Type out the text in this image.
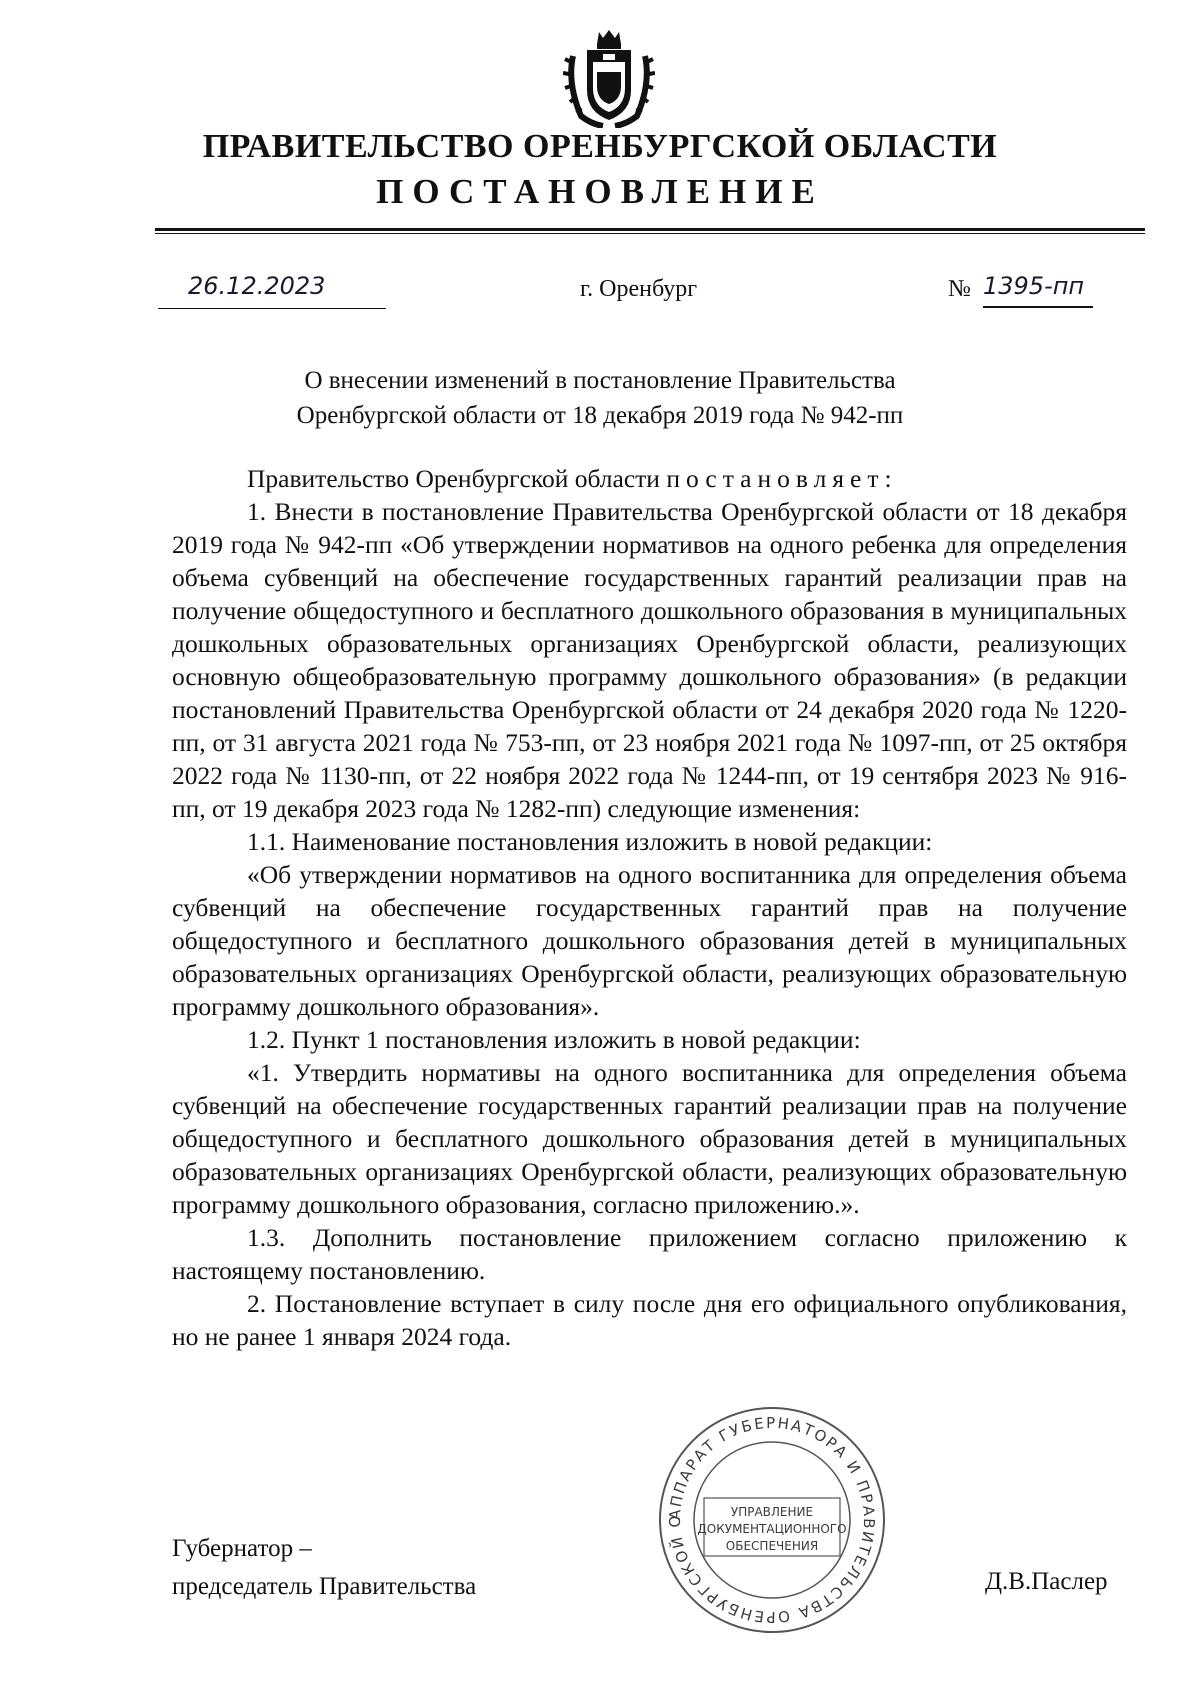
ПРАВИТЕЛЬСТВО ОРЕНБУРГСКОЙ ОБЛАСТИ
ПОСТАНОВЛЕНИЕ
26.12.2023	г. Оренбург	№ 1395-пп
О внесении изменений в постановление Правительства
Оренбургской области от 18 декабря 2019 года № 942-пп

Правительство Оренбургской области постановляет:

1. Внести в постановление Правительства Оренбургской области от 18 декабря 2019 года № 942-пп «Об утверждении нормативов на одного ребенка для определения объема субвенций на обеспечение государственных гарантий реализации прав на получение общедоступного и бесплатного дошкольного образования в муниципальных дошкольных образовательных организациях Оренбургской области, реализующих основную общеобразовательную программу дошкольного образования» (в редакции постановлений Правительства Оренбургской области от 24 декабря 2020 года № 1220-пп, от 31 августа 2021 года № 753-пп, от 23 ноября 2021 года № 1097-пп, от 25 октября 2022 года № 1130-пп, от 22 ноября 2022 года № 1244-пп, от 19 сентября 2023 № 916-пп, от 19 декабря 2023 года № 1282-пп) следующие изменения:

1.1. Наименование постановления изложить в новой редакции:

«Об утверждении нормативов на одного воспитанника для определения объема субвенций на обеспечение государственных гарантий прав на получение общедоступного и бесплатного дошкольного образования детей в муниципальных образовательных организациях Оренбургской области, реализующих образовательную программу дошкольного образования».

1.2. Пункт 1 постановления изложить в новой редакции:

«1. Утвердить нормативы на одного воспитанника для определения объема субвенций на обеспечение государственных гарантий реализации прав на получение общедоступного и бесплатного дошкольного образования детей в муниципальных образовательных организациях Оренбургской области, реализующих образовательную программу дошкольного образования, согласно приложению.».

1.3. Дополнить постановление приложением согласно приложению к настоящему постановлению.

2. Постановление вступает в силу после дня его официального опубликования, но не ранее 1 января 2024 года.

АППАРАТ ГУБЕРНАТОРА И ПРАВИТЕЛЬСТВА ОРЕНБУРГСКОЙ О
УПРАВЛЕНИЕ
ДОКУМЕНТАЦИОННОГО
ОБЕСПЕЧЕНИЯ
Губернатор –
председатель Правительства	Д.В.Паслер
